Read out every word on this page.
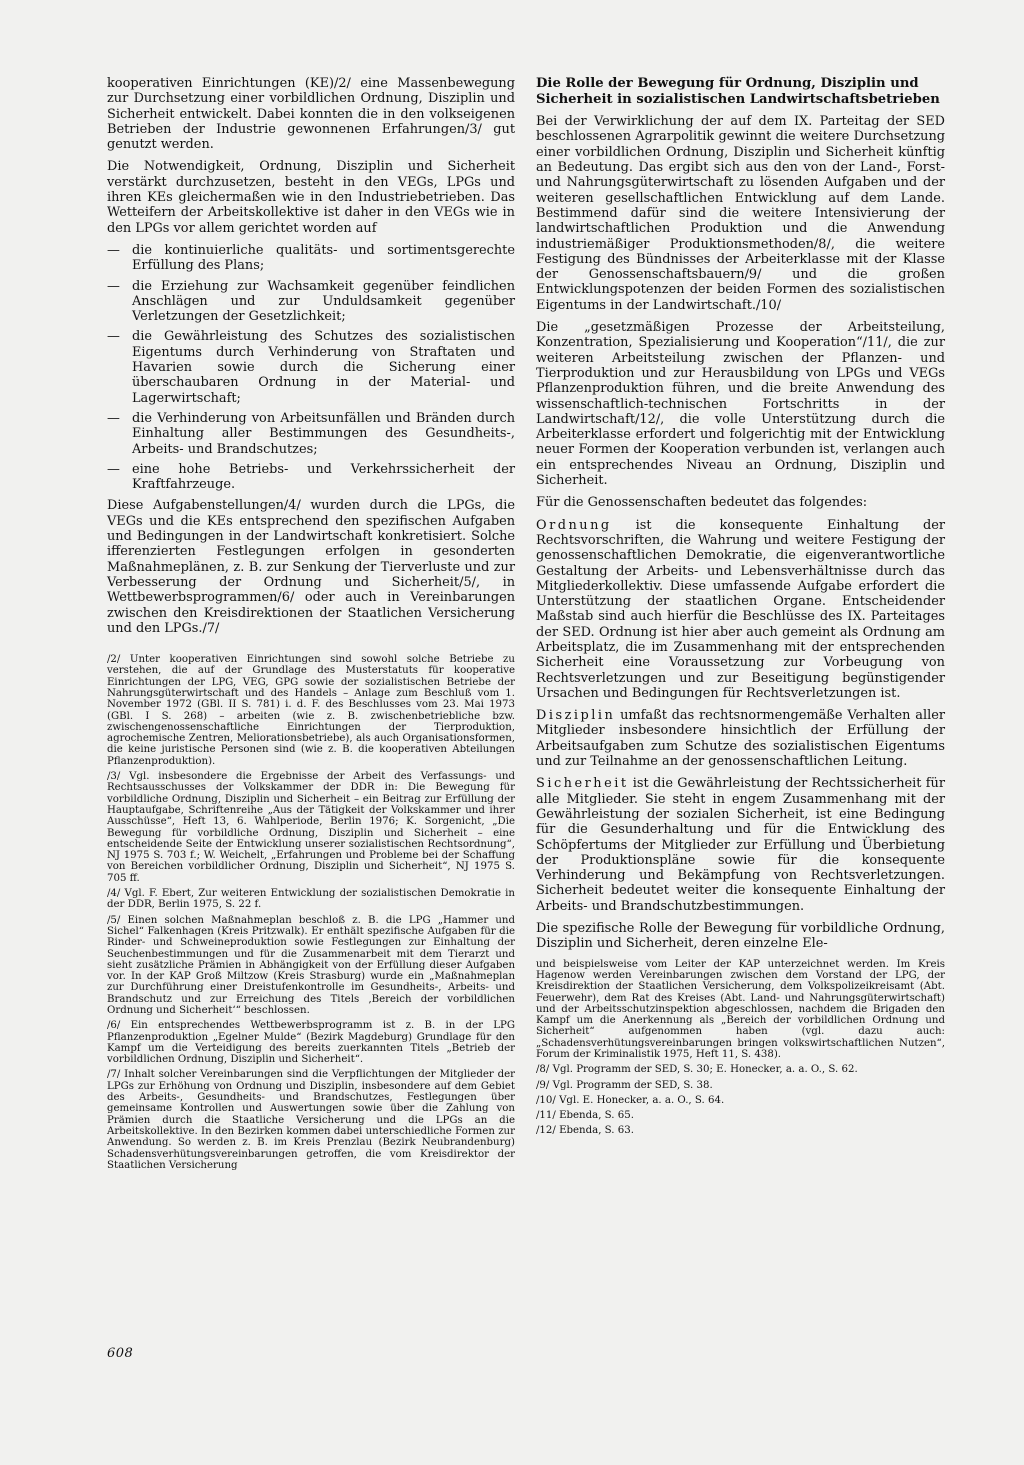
kooperativen Einrichtungen (KE)/2/ eine Massenbewegung zur Durchsetzung einer vorbildlichen Ordnung, Disziplin und Sicherheit entwickelt. Dabei konnten die in den volkseigenen Betrieben der Industrie gewonnenen Erfahrungen/3/ gut genutzt werden.

Die Notwendigkeit, Ordnung, Disziplin und Sicherheit verstärkt durchzusetzen, besteht in den VEGs, LPGs und ihren KEs gleichermaßen wie in den Industriebetrieben. Das Wetteifern der Arbeitskollektive ist daher in den VEGs wie in den LPGs vor allem gerichtet worden auf

— die kontinuierliche qualitäts- und sortimentsgerechte Erfüllung des Plans;
— die Erziehung zur Wachsamkeit gegenüber feindlichen Anschlägen und zur Unduldsamkeit gegenüber Verletzungen der Gesetzlichkeit;
— die Gewährleistung des Schutzes des sozialistischen Eigentums durch Verhinderung von Straftaten und Havarien sowie durch die Sicherung einer überschaubaren Ordnung in der Material- und Lagerwirtschaft;
— die Verhinderung von Arbeitsunfällen und Bränden durch Einhaltung aller Bestimmungen des Gesundheits-, Arbeits- und Brandschutzes;
— eine hohe Betriebs- und Verkehrssicherheit der Kraftfahrzeuge.

Diese Aufgabenstellungen/4/ wurden durch die LPGs, die VEGs und die KEs entsprechend den spezifischen Aufgaben und Bedingungen in der Landwirtschaft konkretisiert. Solche ifferenzierten Festlegungen erfolgen in gesonderten Maßnahmeplänen, z. B. zur Senkung der Tierverluste und zur Verbesserung der Ordnung und Sicherheit/5/, in Wettbewerbsprogrammen/6/ oder auch in Vereinbarungen zwischen den Kreisdirektionen der Staatlichen Versicherung und den LPGs./7/

/2/ Unter kooperativen Einrichtungen sind sowohl solche Betriebe zu verstehen, die auf der Grundlage des Musterstatuts für kooperative Einrichtungen der LPG, VEG, GPG sowie der sozialistischen Betriebe der Nahrungsgüterwirtschaft und des Handels – Anlage zum Beschluß vom 1. November 1972 (GBl. II S. 781) i. d. F. des Beschlusses vom 23. Mai 1973 (GBl. I S. 268) – arbeiten (wie z. B. zwischenbetriebliche bzw. zwischengenossenschaftliche Einrichtungen der Tierproduktion, agrochemische Zentren, Meliorationsbetriebe), als auch Organisationsformen, die keine juristische Personen sind (wie z. B. die kooperativen Abteilungen Pflanzenproduktion).

/3/ Vgl. insbesondere die Ergebnisse der Arbeit des Verfassungs- und Rechtsausschusses der Volkskammer der DDR in: Die Bewegung für vorbildliche Ordnung, Disziplin und Sicherheit – ein Beitrag zur Erfüllung der Hauptaufgabe, Schriftenreihe „Aus der Tätigkeit der Volkskammer und ihrer Ausschüsse“, Heft 13, 6. Wahlperiode, Berlin 1976; K. Sorgenicht, „Die Bewegung für vorbildliche Ordnung, Disziplin und Sicherheit – eine entscheidende Seite der Entwicklung unserer sozialistischen Rechtsordnung“, NJ 1975 S. 703 f.; W. Weichelt, „Erfahrungen und Probleme bei der Schaffung von Bereichen vorbildlicher Ordnung, Disziplin und Sicherheit“, NJ 1975 S. 705 ff.

/4/ Vgl. F. Ebert, Zur weiteren Entwicklung der sozialistischen Demokratie in der DDR, Berlin 1975, S. 22 f.

/5/ Einen solchen Maßnahmeplan beschloß z. B. die LPG „Hammer und Sichel“ Falkenhagen (Kreis Pritzwalk). Er enthält spezifische Aufgaben für die Rinder- und Schweineproduktion sowie Festlegungen zur Einhaltung der Seuchenbestimmungen und für die Zusammenarbeit mit dem Tierarzt und sieht zusätzliche Prämien in Abhängigkeit von der Erfüllung dieser Aufgaben vor. In der KAP Groß Miltzow (Kreis Strasburg) wurde ein „Maßnahmeplan zur Durchführung einer Dreistufenkontrolle im Gesundheits-, Arbeits- und Brandschutz und zur Erreichung des Titels ‚Bereich der vorbildlichen Ordnung und Sicherheit‘“ beschlossen.

/6/ Ein entsprechendes Wettbewerbsprogramm ist z. B. in der LPG Pflanzenproduktion „Egelner Mulde“ (Bezirk Magdeburg) Grundlage für den Kampf um die Verteidigung des bereits zuerkannten Titels „Betrieb der vorbildlichen Ordnung, Disziplin und Sicherheit“.

/7/ Inhalt solcher Vereinbarungen sind die Verpflichtungen der Mitglieder der LPGs zur Erhöhung von Ordnung und Disziplin, insbesondere auf dem Gebiet des Arbeits-, Gesundheits- und Brandschutzes, Festlegungen über gemeinsame Kontrollen und Auswertungen sowie über die Zahlung von Prämien durch die Staatliche Versicherung und die LPGs an die Arbeitskollektive. In den Bezirken kommen dabei unterschiedliche Formen zur Anwendung. So werden z. B. im Kreis Prenzlau (Bezirk Neubrandenburg) Schadensverhütungsvereinbarungen getroffen, die vom Kreisdirektor der Staatlichen Versicherung

Die Rolle der Bewegung für Ordnung, Disziplin und Sicherheit in sozialistischen Landwirtschaftsbetrieben

Bei der Verwirklichung der auf dem IX. Parteitag der SED beschlossenen Agrarpolitik gewinnt die weitere Durchsetzung einer vorbildlichen Ordnung, Disziplin und Sicherheit künftig an Bedeutung. Das ergibt sich aus den von der Land-, Forst- und Nahrungsgüterwirtschaft zu lösenden Aufgaben und der weiteren gesellschaftlichen Entwicklung auf dem Lande. Bestimmend dafür sind die weitere Intensivierung der landwirtschaftlichen Produktion und die Anwendung industriemäßiger Produktionsmethoden/8/, die weitere Festigung des Bündnisses der Arbeiterklasse mit der Klasse der Genossenschaftsbauern/9/ und die großen Entwicklungspotenzen der beiden Formen des sozialistischen Eigentums in der Landwirtschaft./10/

Die „gesetzmäßigen Prozesse der Arbeitsteilung, Konzentration, Spezialisierung und Kooperation“/11/, die zur weiteren Arbeitsteilung zwischen der Pflanzen- und Tierproduktion und zur Herausbildung von LPGs und VEGs Pflanzenproduktion führen, und die breite Anwendung des wissenschaftlich-technischen Fortschritts in der Landwirtschaft/12/, die volle Unterstützung durch die Arbeiterklasse erfordert und folgerichtig mit der Entwicklung neuer Formen der Kooperation verbunden ist, verlangen auch ein entsprechendes Niveau an Ordnung, Disziplin und Sicherheit.

Für die Genossenschaften bedeutet das folgendes:

Ordnung ist die konsequente Einhaltung der Rechtsvorschriften, die Wahrung und weitere Festigung der genossenschaftlichen Demokratie, die eigenverantwortliche Gestaltung der Arbeits- und Lebensverhältnisse durch das Mitgliederkollektiv. Diese umfassende Aufgabe erfordert die Unterstützung der staatlichen Organe. Entscheidender Maßstab sind auch hierfür die Beschlüsse des IX. Parteitages der SED. Ordnung ist hier aber auch gemeint als Ordnung am Arbeitsplatz, die im Zusammenhang mit der entsprechenden Sicherheit eine Voraussetzung zur Vorbeugung von Rechtsverletzungen und zur Beseitigung begünstigender Ursachen und Bedingungen für Rechtsverletzungen ist.

Disziplin umfaßt das rechtsnormengemäße Verhalten aller Mitglieder insbesondere hinsichtlich der Erfüllung der Arbeitsaufgaben zum Schutze des sozialistischen Eigentums und zur Teilnahme an der genossenschaftlichen Leitung.

Sicherheit ist die Gewährleistung der Rechtssicherheit für alle Mitglieder. Sie steht in engem Zusammenhang mit der Gewährleistung der sozialen Sicherheit, ist eine Bedingung für die Gesunderhaltung und für die Entwicklung des Schöpfertums der Mitglieder zur Erfüllung und Überbietung der Produktionspläne sowie für die konsequente Verhinderung und Bekämpfung von Rechtsverletzungen. Sicherheit bedeutet weiter die konsequente Einhaltung der Arbeits- und Brandschutzbestimmungen.

Die spezifische Rolle der Bewegung für vorbildliche Ordnung, Disziplin und Sicherheit, deren einzelne Ele-

und beispielsweise vom Leiter der KAP unterzeichnet werden. Im Kreis Hagenow werden Vereinbarungen zwischen dem Vorstand der LPG, der Kreisdirektion der Staatlichen Versicherung, dem Volkspolizeikreisamt (Abt. Feuerwehr), dem Rat des Kreises (Abt. Land- und Nahrungsgüterwirtschaft) und der Arbeitsschutzinspektion abgeschlossen, nachdem die Brigaden den Kampf um die Anerkennung als „Bereich der vorbildlichen Ordnung und Sicherheit“ aufgenommen haben (vgl. dazu auch: „Schadensverhütungsvereinbarungen bringen volkswirtschaftlichen Nutzen“, Forum der Kriminalistik 1975, Heft 11, S. 438).

/8/ Vgl. Programm der SED, S. 30; E. Honecker, a. a. O., S. 62.

/9/ Vgl. Programm der SED, S. 38.

/10/ Vgl. E. Honecker, a. a. O., S. 64.

/11/ Ebenda, S. 65.

/12/ Ebenda, S. 63.

608
